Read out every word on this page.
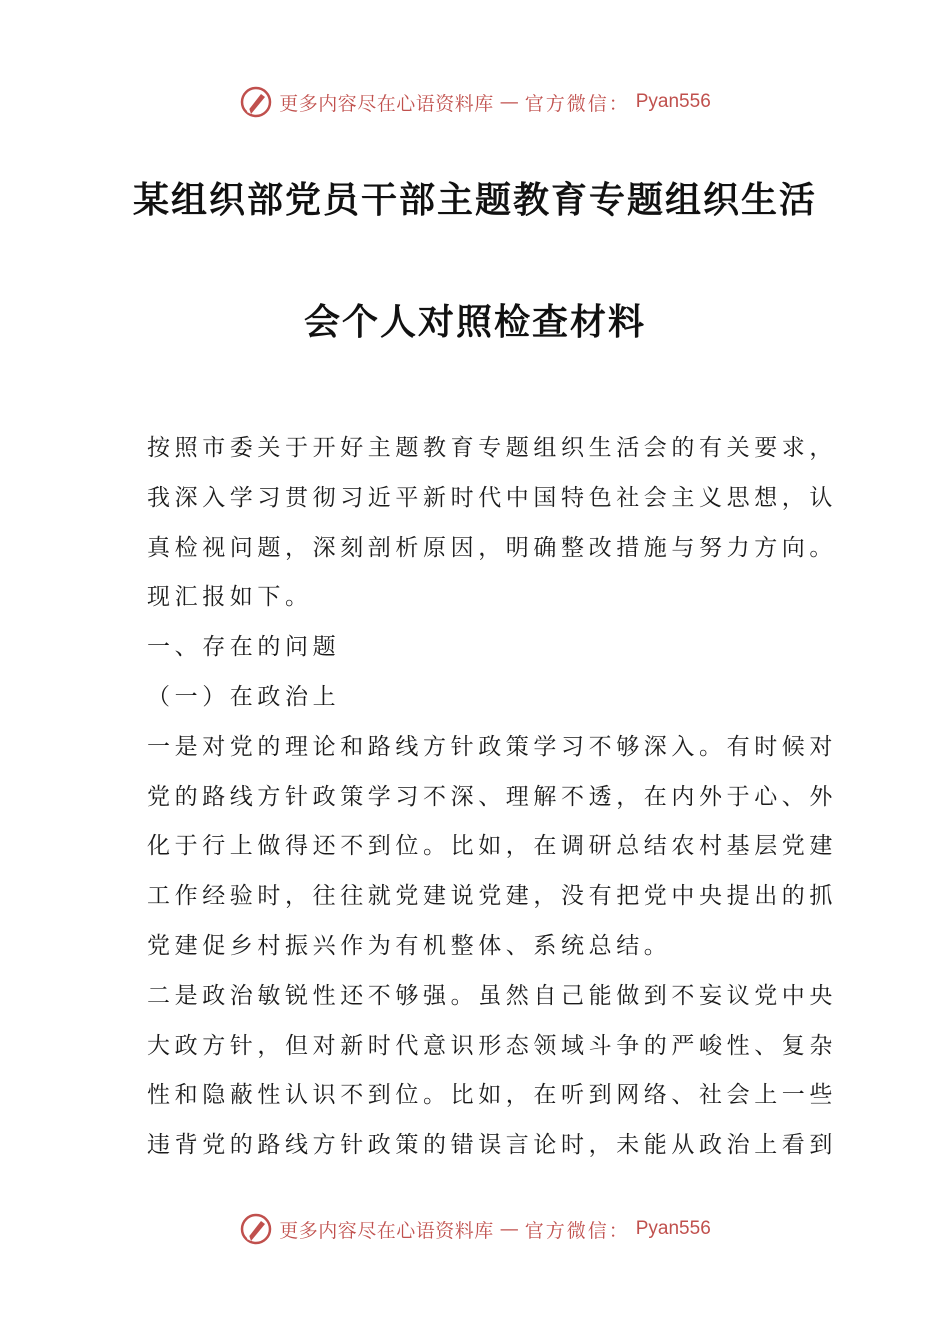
更多内容尽在心语资料库 — 官方微信： Pyan556
某组织部党员干部主题教育专题组织生活
会个人对照检查材料
按照市委关于开好主题教育专题组织生活会的有关要求，
我深入学习贯彻习近平新时代中国特色社会主义思想，认
真检视问题，深刻剖析原因，明确整改措施与努力方向。
现汇报如下。
一、存在的问题
（一）在政治上
一是对党的理论和路线方针政策学习不够深入。有时候对
党的路线方针政策学习不深、理解不透，在内外于心、外
化于行上做得还不到位。比如，在调研总结农村基层党建
工作经验时，往往就党建说党建，没有把党中央提出的抓
党建促乡村振兴作为有机整体、系统总结。
二是政治敏锐性还不够强。虽然自己能做到不妄议党中央
大政方针，但对新时代意识形态领域斗争的严峻性、复杂
性和隐蔽性认识不到位。比如，在听到网络、社会上一些
违背党的路线方针政策的错误言论时，未能从政治上看到
更多内容尽在心语资料库 — 官方微信： Pyan556
